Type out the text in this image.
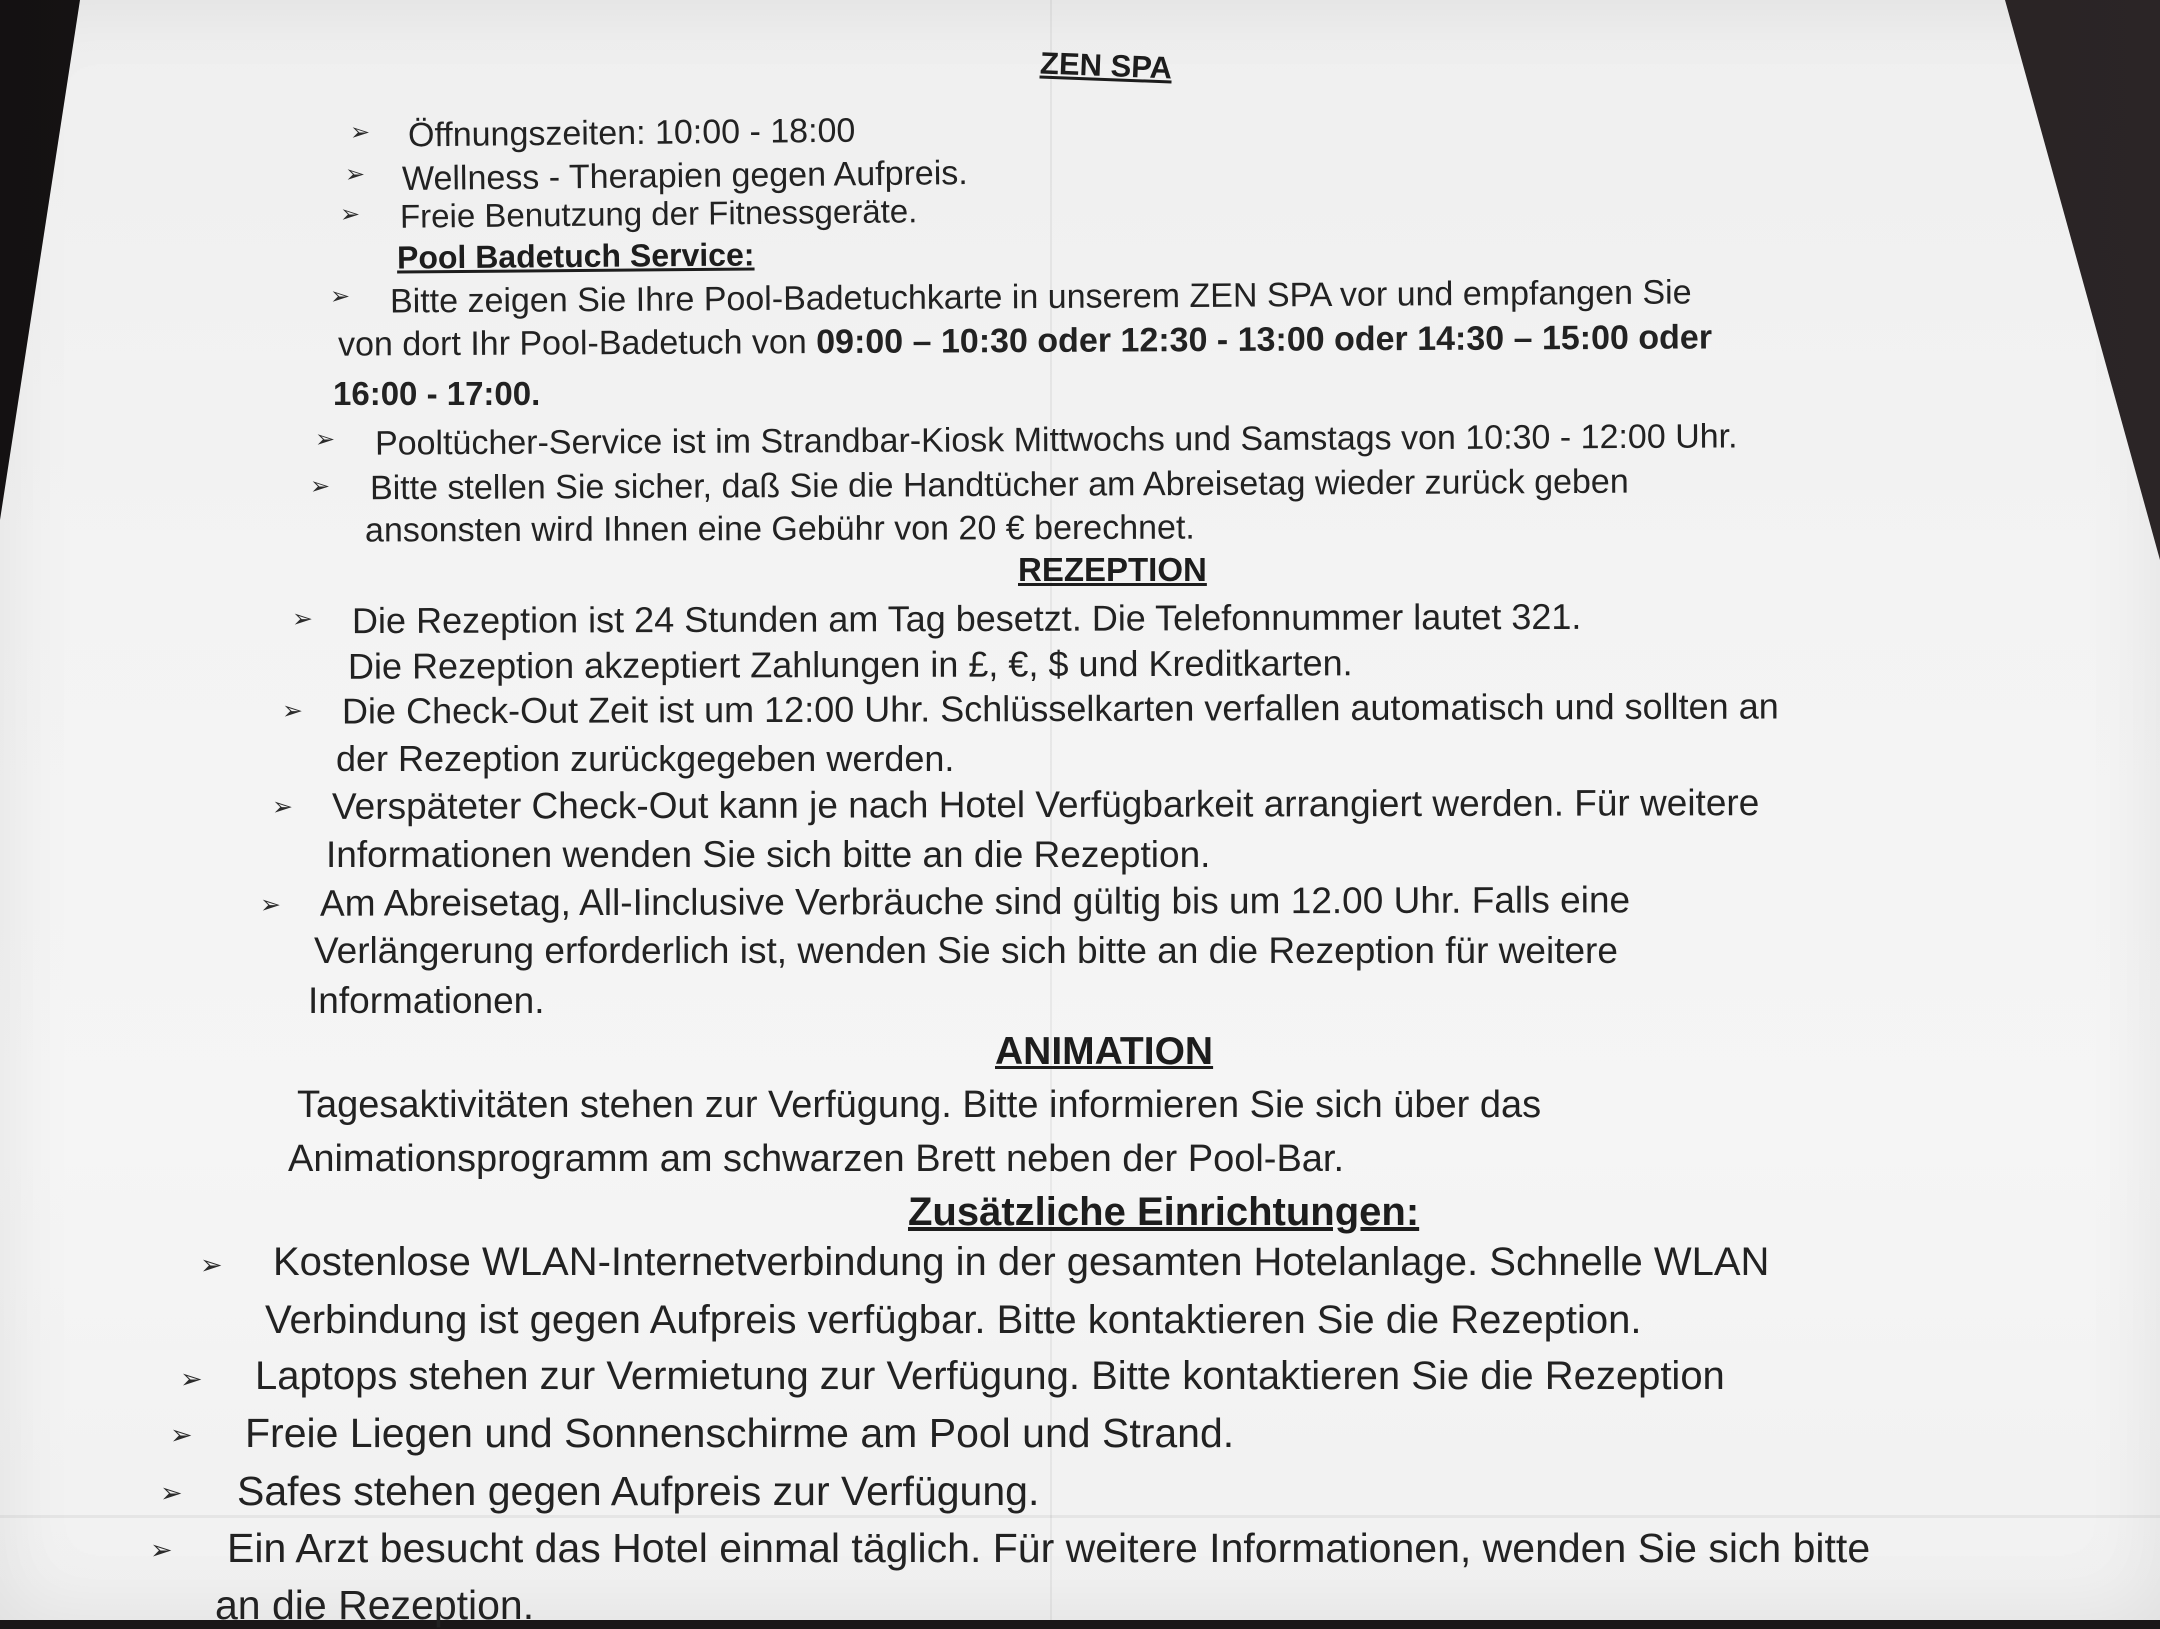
ZEN SPA
➢ Öffnungszeiten: 10:00 - 18:00
➢ Wellness - Therapien gegen Aufpreis.
➢ Freie Benutzung der Fitnessgeräte.
Pool Badetuch Service:
➢ Bitte zeigen Sie Ihre Pool-Badetuchkarte in unserem ZEN SPA vor und empfangen Sie
von dort Ihr Pool-Badetuch von 09:00 – 10:30 oder 12:30 - 13:00 oder 14:30 – 15:00 oder
16:00 - 17:00.
➢ Pooltücher-Service ist im Strandbar-Kiosk Mittwochs und Samstags von 10:30 - 12:00 Uhr.
➢ Bitte stellen Sie sicher, daß Sie die Handtücher am Abreisetag wieder zurück geben
ansonsten wird Ihnen eine Gebühr von 20 € berechnet.
REZEPTION
➢ Die Rezeption ist 24 Stunden am Tag besetzt. Die Telefonnummer lautet 321.
Die Rezeption akzeptiert Zahlungen in £, €, $ und Kreditkarten.
➢ Die Check-Out Zeit ist um 12:00 Uhr. Schlüsselkarten verfallen automatisch und sollten an
der Rezeption zurückgegeben werden.
➢ Verspäteter Check-Out kann je nach Hotel Verfügbarkeit arrangiert werden. Für weitere
Informationen wenden Sie sich bitte an die Rezeption.
➢ Am Abreisetag, All-Iinclusive Verbräuche sind gültig bis um 12.00 Uhr. Falls eine
Verlängerung erforderlich ist, wenden Sie sich bitte an die Rezeption für weitere
Informationen.
ANIMATION
Tagesaktivitäten stehen zur Verfügung. Bitte informieren Sie sich über das
Animationsprogramm am schwarzen Brett neben der Pool-Bar.
Zusätzliche Einrichtungen:
➢ Kostenlose WLAN-Internetverbindung in der gesamten Hotelanlage. Schnelle WLAN
Verbindung ist gegen Aufpreis verfügbar. Bitte kontaktieren Sie die Rezeption.
➢ Laptops stehen zur Vermietung zur Verfügung. Bitte kontaktieren Sie die Rezeption
➢ Freie Liegen und Sonnenschirme am Pool und Strand.
➢ Safes stehen gegen Aufpreis zur Verfügung.
➢ Ein Arzt besucht das Hotel einmal täglich. Für weitere Informationen, wenden Sie sich bitte
an die Rezeption.
